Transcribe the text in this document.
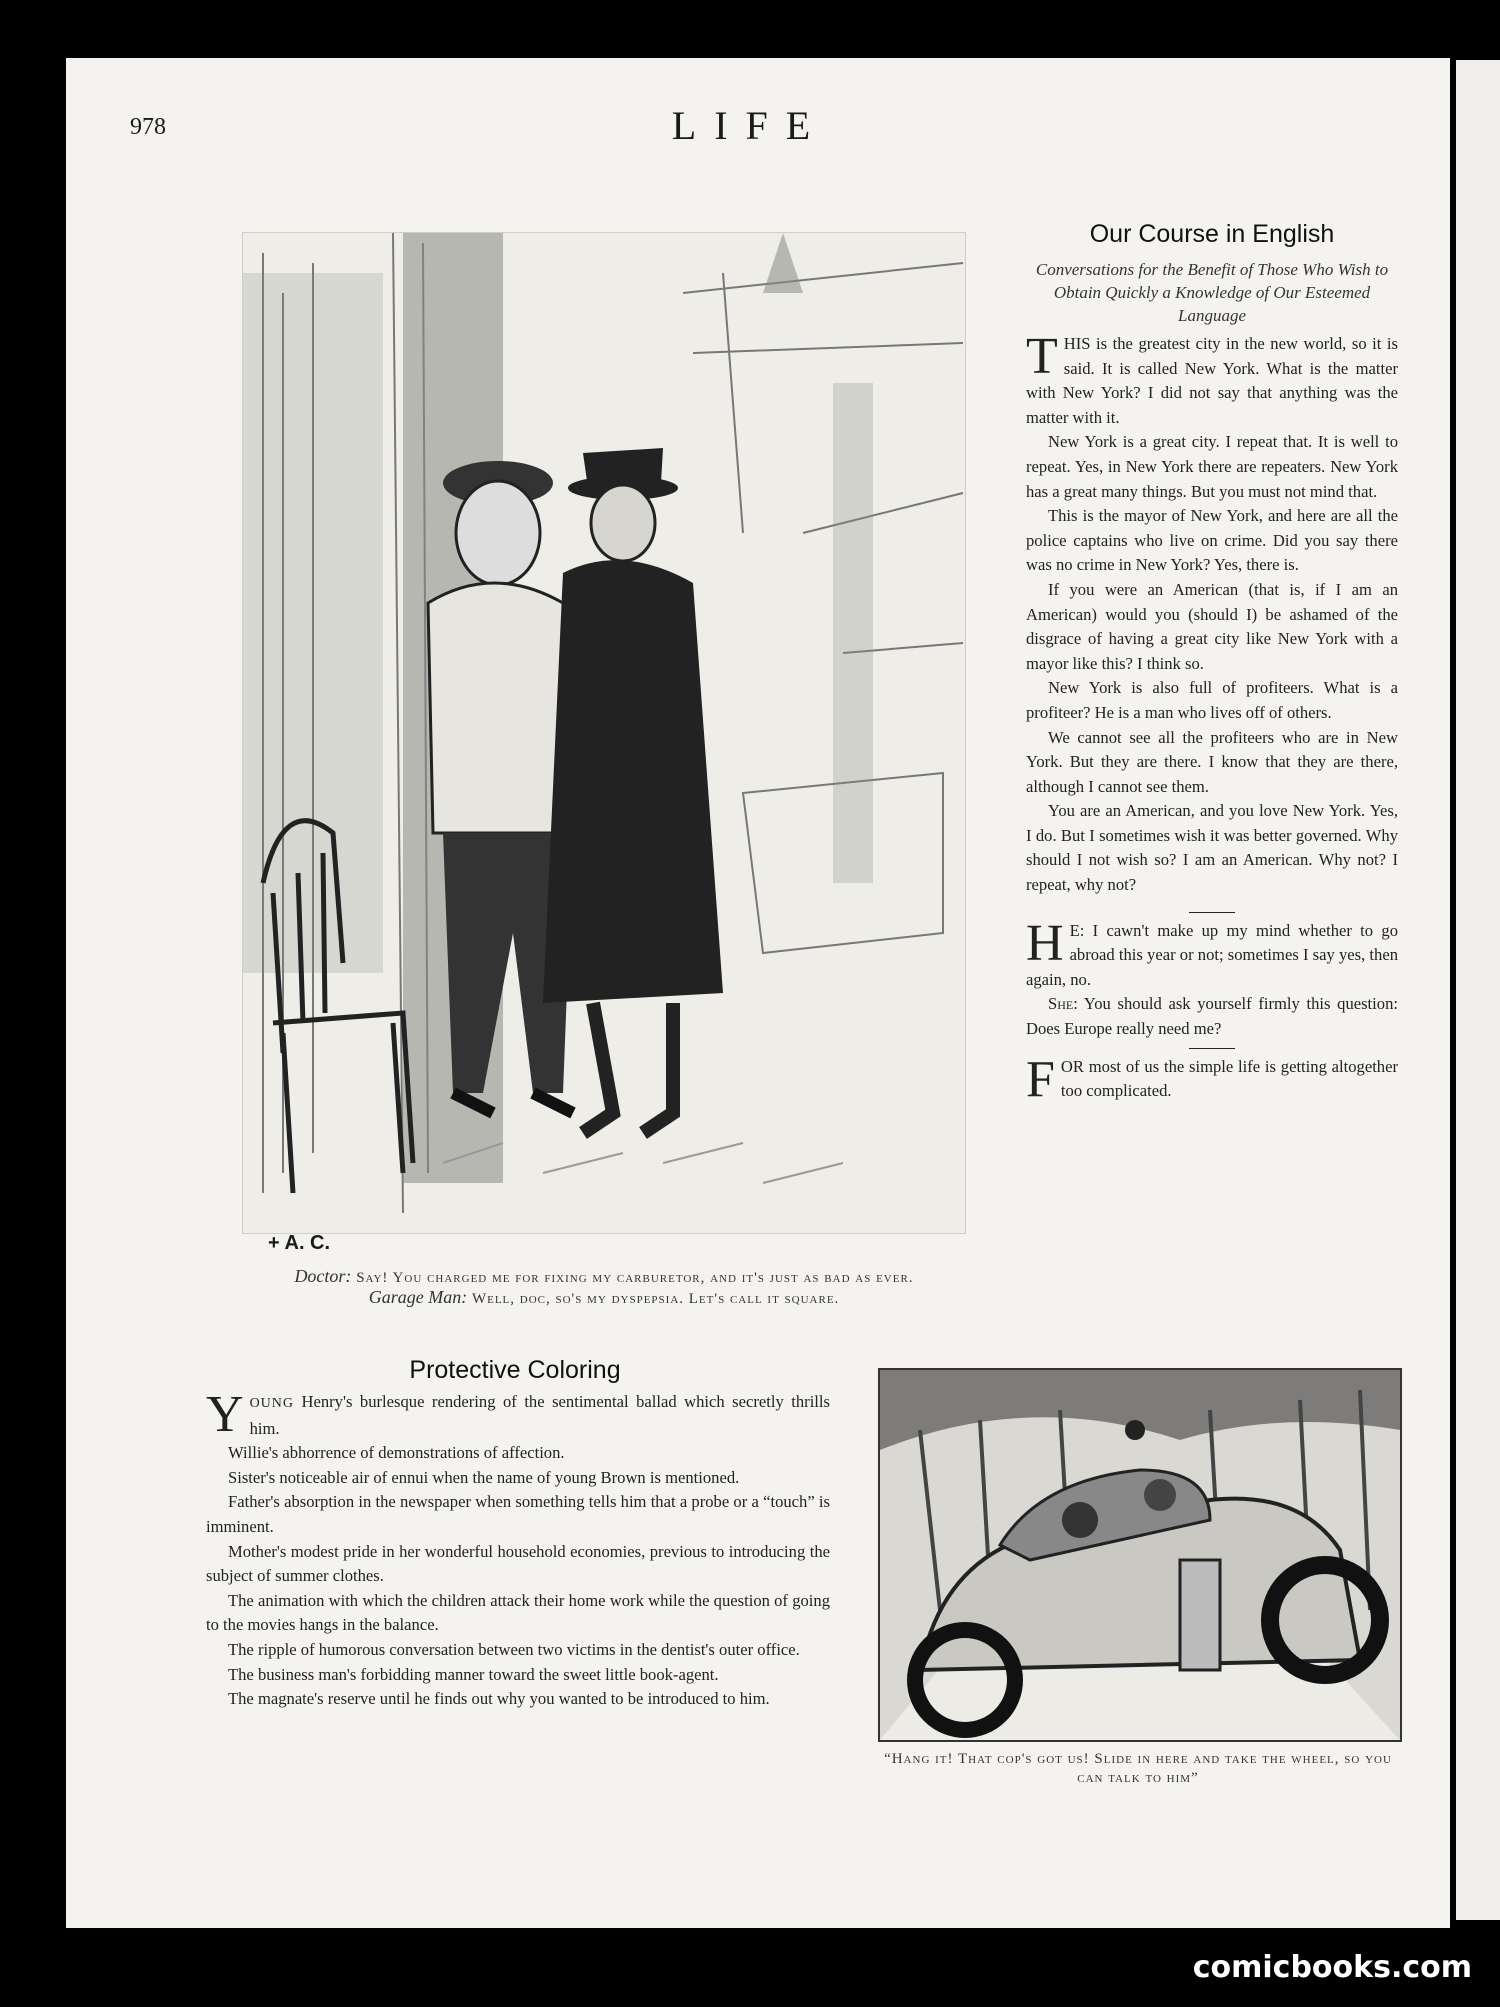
978	LIFE
+ A. C.
Doctor: Say! You charged me for fixing my carburetor, and it's just as bad as ever.
Garage Man: Well, doc, so's my dyspepsia. Let's call it square.
Our Course in English
Conversations for the Benefit of Those Who Wish to Obtain Quickly a Knowledge of Our Esteemed Language

THIS is the greatest city in the new world, so it is said. It is called New York. What is the matter with New York? I did not say that anything was the matter with it.

New York is a great city. I repeat that. It is well to repeat. Yes, in New York there are repeaters. New York has a great many things. But you must not mind that.

This is the mayor of New York, and here are all the police captains who live on crime. Did you say there was no crime in New York? Yes, there is.

If you were an American (that is, if I am an American) would you (should I) be ashamed of the disgrace of having a great city like New York with a mayor like this? I think so.

New York is also full of profiteers. What is a profiteer? He is a man who lives off of others.

We cannot see all the profiteers who are in New York. But they are there. I know that they are there, although I cannot see them.

You are an American, and you love New York. Yes, I do. But I sometimes wish it was better governed. Why should I not wish so? I am an American. Why not? I repeat, why not?

H E: I cawn't make up my mind whether to go abroad this year or not; sometimes I say yes, then again, no.

She: You should ask yourself firmly this question: Does Europe really need me?

FOR most of us the simple life is getting altogether too complicated.

Protective Coloring

YOUNG Henry's burlesque rendering of the sentimental ballad which secretly thrills him.

Willie's abhorrence of demonstrations of affection.

Sister's noticeable air of ennui when the name of young Brown is mentioned.

Father's absorption in the newspaper when something tells him that a probe or a “touch” is imminent.

Mother's modest pride in her wonderful household economies, previous to introducing the subject of summer clothes.

The animation with which the children attack their home work while the question of going to the movies hangs in the balance.

The ripple of humorous conversation between two victims in the dentist's outer office.

The business man's forbidding manner toward the sweet little book-agent.

The magnate's reserve until he finds out why you wanted to be introduced to him.

“Hang it! That cop's got us! Slide in here and take the wheel, so you can talk to him”
comicbooks.com
